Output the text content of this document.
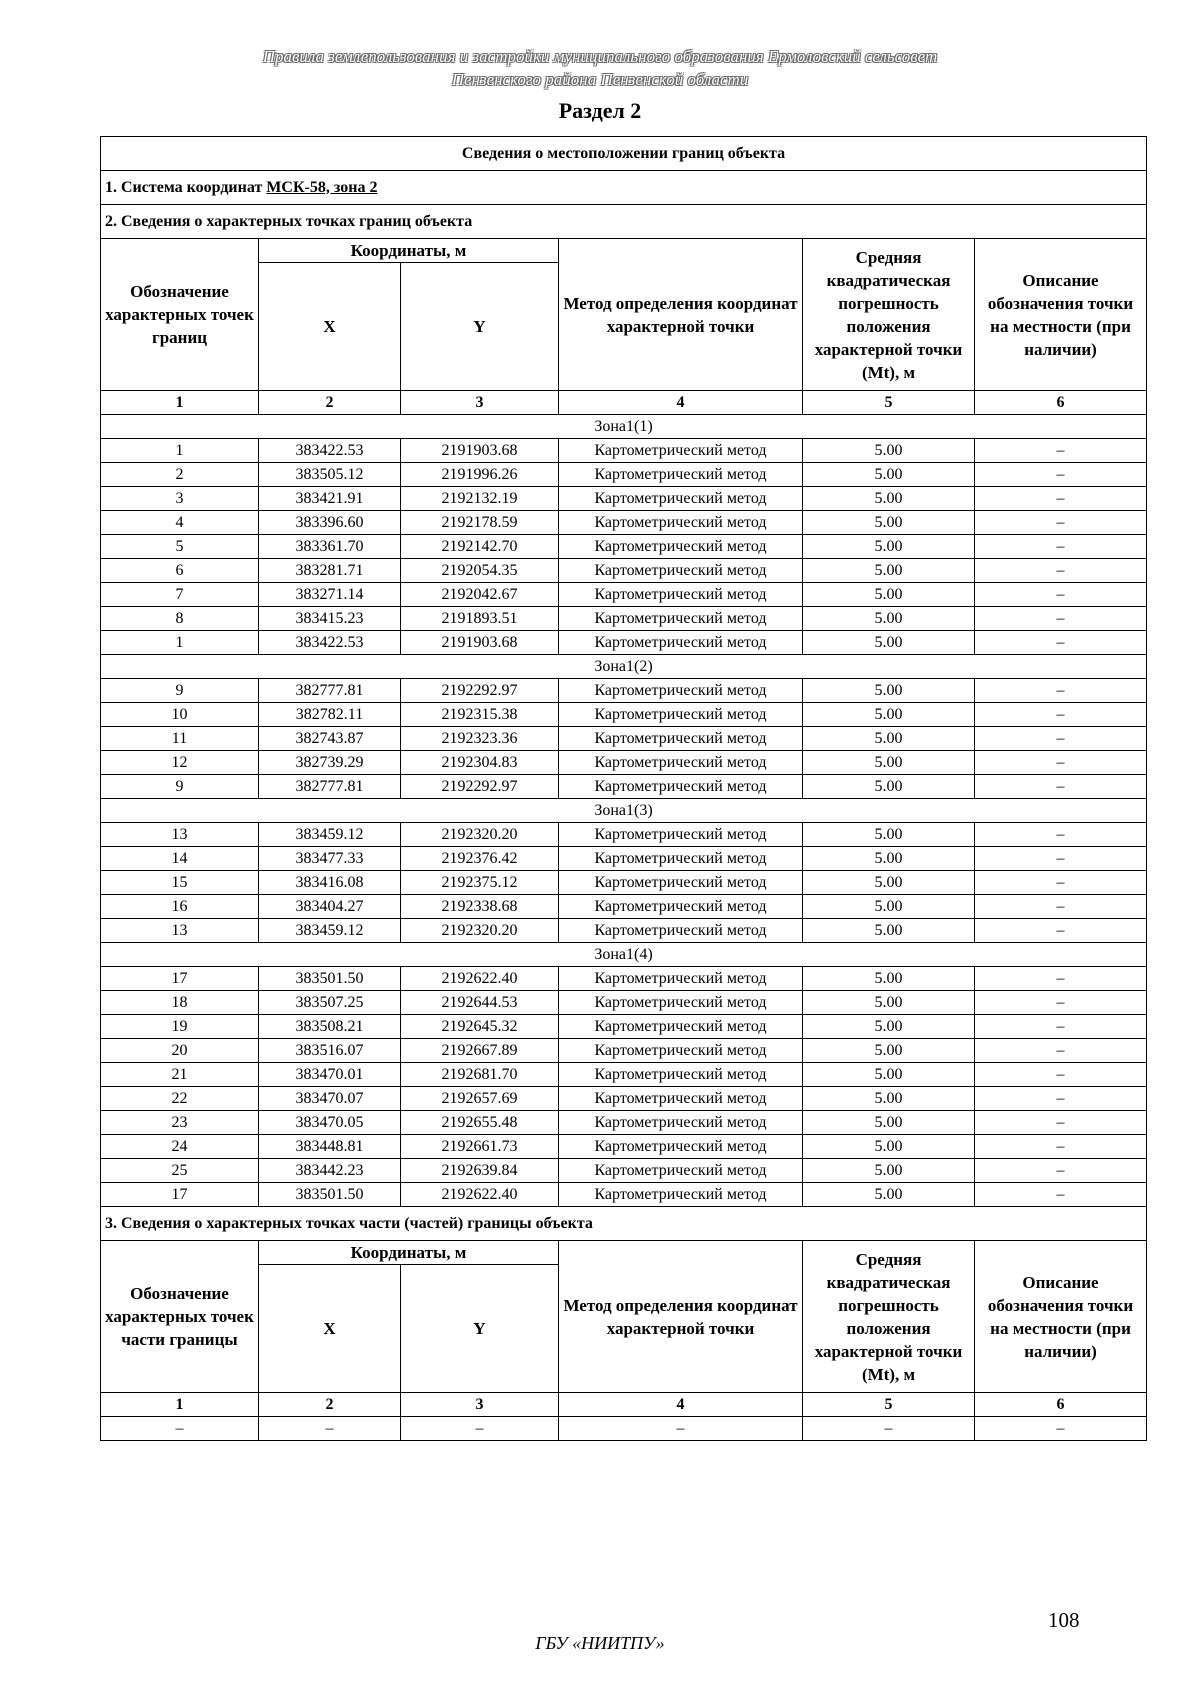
Правила землепользования и застройки муниципального образования Ермоловский сельсовет
Пензенского района Пензенской области
Раздел 2
Сведения о местоположении границ объекта					
1. Система координат МСК-58, зона 2					
2. Сведения о характерных точках границ объекта					
Обозначение характерных точек границ	Координаты, м		Метод определения координат характерной точки	Средняя квадратическая погрешность положения характерной точки (Mt), м	Описание обозначения точки на местности (при наличии)
	X	Y			
1	2	3	4	5	6
Зона1(1)					
1	383422.53	2191903.68	Картометрический метод	5.00	–
2	383505.12	2191996.26	Картометрический метод	5.00	–
3	383421.91	2192132.19	Картометрический метод	5.00	–
4	383396.60	2192178.59	Картометрический метод	5.00	–
5	383361.70	2192142.70	Картометрический метод	5.00	–
6	383281.71	2192054.35	Картометрический метод	5.00	–
7	383271.14	2192042.67	Картометрический метод	5.00	–
8	383415.23	2191893.51	Картометрический метод	5.00	–
1	383422.53	2191903.68	Картометрический метод	5.00	–
Зона1(2)					
9	382777.81	2192292.97	Картометрический метод	5.00	–
10	382782.11	2192315.38	Картометрический метод	5.00	–
11	382743.87	2192323.36	Картометрический метод	5.00	–
12	382739.29	2192304.83	Картометрический метод	5.00	–
9	382777.81	2192292.97	Картометрический метод	5.00	–
Зона1(3)					
13	383459.12	2192320.20	Картометрический метод	5.00	–
14	383477.33	2192376.42	Картометрический метод	5.00	–
15	383416.08	2192375.12	Картометрический метод	5.00	–
16	383404.27	2192338.68	Картометрический метод	5.00	–
13	383459.12	2192320.20	Картометрический метод	5.00	–
Зона1(4)					
17	383501.50	2192622.40	Картометрический метод	5.00	–
18	383507.25	2192644.53	Картометрический метод	5.00	–
19	383508.21	2192645.32	Картометрический метод	5.00	–
20	383516.07	2192667.89	Картометрический метод	5.00	–
21	383470.01	2192681.70	Картометрический метод	5.00	–
22	383470.07	2192657.69	Картометрический метод	5.00	–
23	383470.05	2192655.48	Картометрический метод	5.00	–
24	383448.81	2192661.73	Картометрический метод	5.00	–
25	383442.23	2192639.84	Картометрический метод	5.00	–
17	383501.50	2192622.40	Картометрический метод	5.00	–
3. Сведения о характерных точках части (частей) границы объекта					
Обозначение характерных точек части границы	Координаты, м		Метод определения координат характерной точки	Средняя квадратическая погрешность положения характерной точки (Mt), м	Описание обозначения точки на местности (при наличии)
	X	Y			
1	2	3	4	5	6
–	–	–	–	–	–
108
ГБУ «НИИТПУ»
